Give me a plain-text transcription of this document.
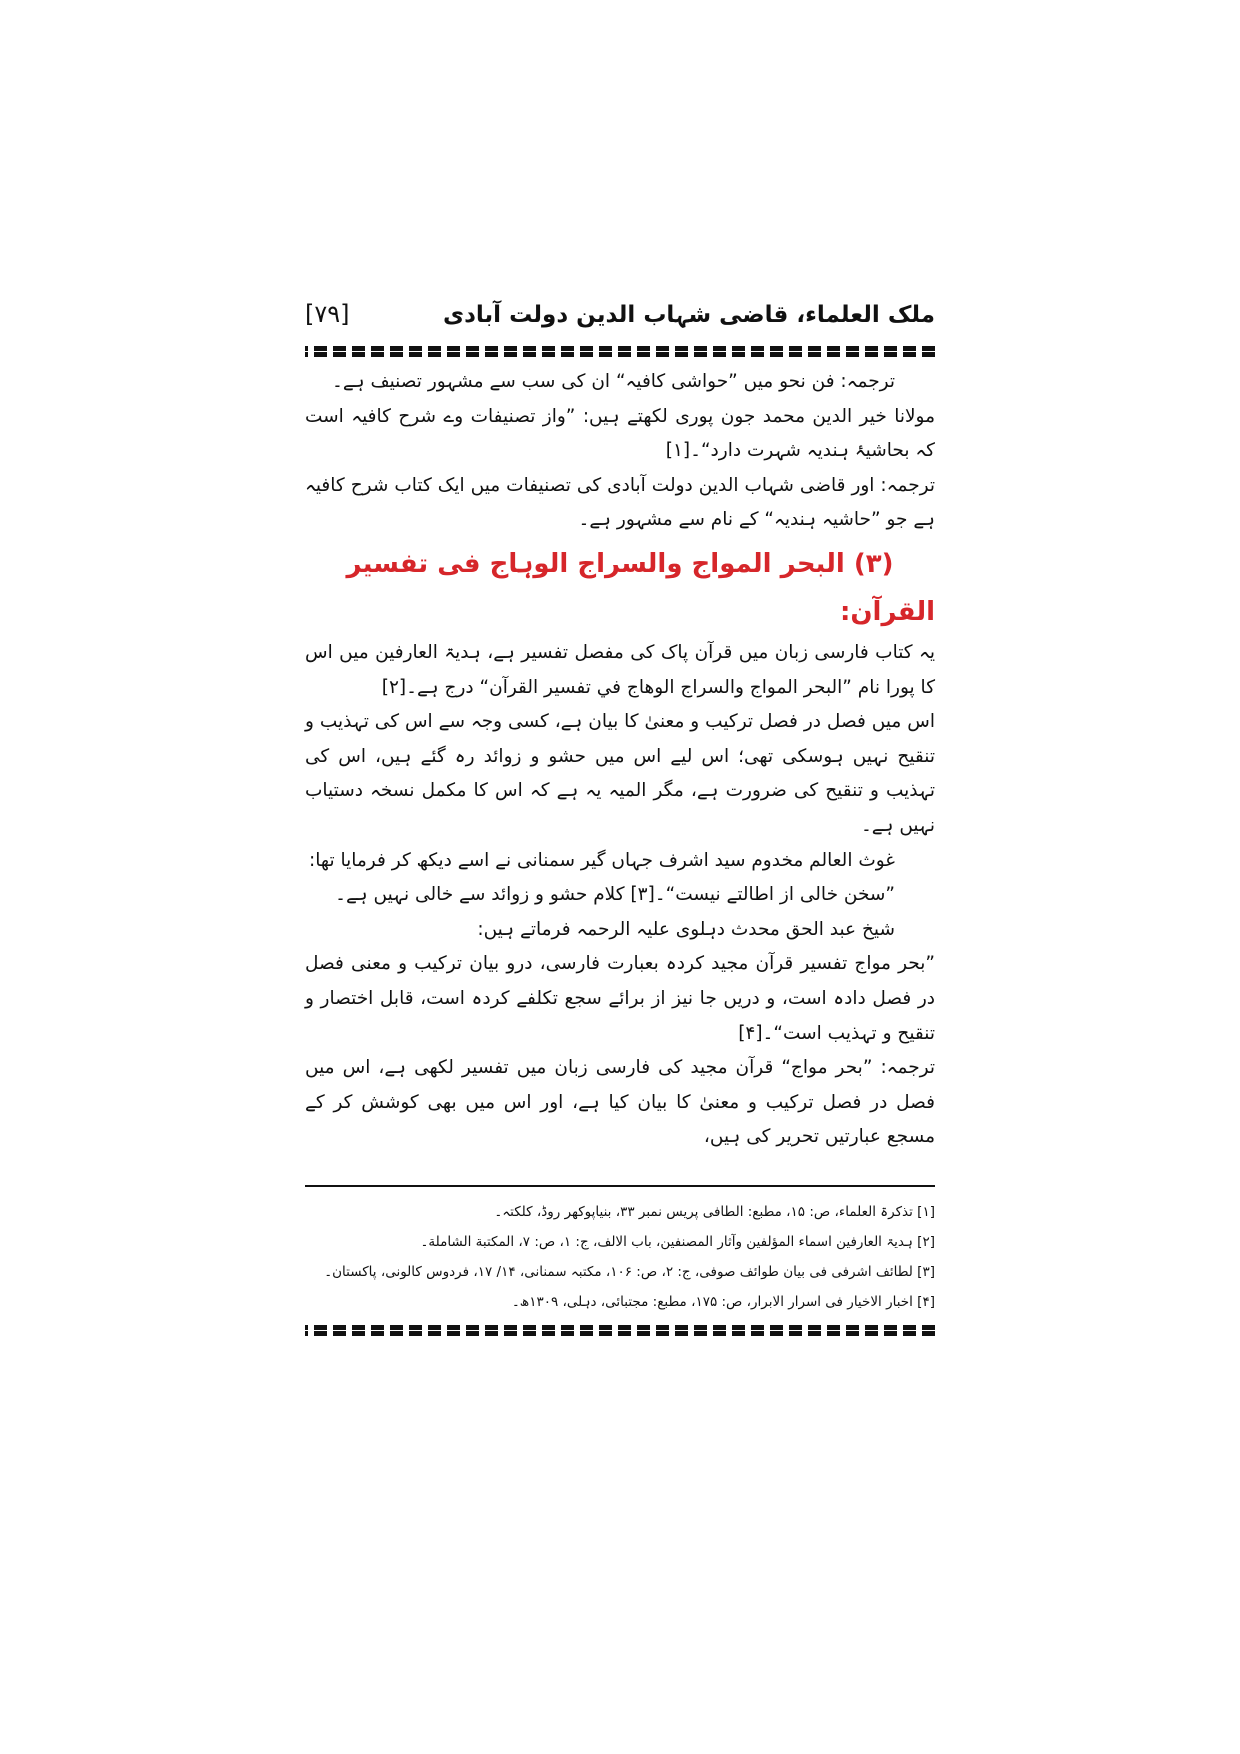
ملک العلماء، قاضی شہاب الدین دولت آبادی
[۷۹]

ترجمہ: فن نحو میں ”حواشی کافیہ“ ان کی سب سے مشہور تصنیف ہے۔

مولانا خیر الدین محمد جون پوری لکھتے ہیں: ”واز تصنیفات وے شرح کافیہ است کہ بحاشیۂ ہندیہ شہرت دارد“۔[۱]

ترجمہ: اور قاضی شہاب الدین دولت آبادی کی تصنیفات میں ایک کتاب شرح کافیہ ہے جو ”حاشیہ ہندیہ“ کے نام سے مشہور ہے۔

(۳) البحر المواج والسراج الوہاج فی تفسیر القرآن:

یہ کتاب فارسی زبان میں قرآن پاک کی مفصل تفسیر ہے، ہدیۃ العارفین میں اس کا پورا نام ”البحر المواج والسراج الوهاج في تفسير القرآن“ درج ہے۔[۲]

اس میں فصل در فصل ترکیب و معنیٰ کا بیان ہے، کسی وجہ سے اس کی تہذیب و تنقیح نہیں ہوسکی تھی؛ اس لیے اس میں حشو و زوائد رہ گئے ہیں، اس کی تہذیب و تنقیح کی ضرورت ہے، مگر المیہ یہ ہے کہ اس کا مکمل نسخہ دستیاب نہیں ہے۔

غوث العالم مخدوم سید اشرف جہاں گیر سمنانی نے اسے دیکھ کر فرمایا تھا:

”سخن خالی از اطالتے نیست“۔[۳] کلام حشو و زوائد سے خالی نہیں ہے۔

شیخ عبد الحق محدث دہلوی علیہ الرحمہ فرماتے ہیں:

”بحر مواج تفسیر قرآن مجید کردہ بعبارت فارسی، درو بیان ترکیب و معنی فصل در فصل دادہ است، و دریں جا نیز از برائے سجع تکلفے کردہ است، قابل اختصار و تنقیح و تہذیب است“۔[۴]

ترجمہ: ”بحر مواج“ قرآن مجید کی فارسی زبان میں تفسیر لکھی ہے، اس میں فصل در فصل ترکیب و معنیٰ کا بیان کیا ہے، اور اس میں بھی کوشش کر کے مسجع عبارتیں تحریر کی ہیں،

[۱] تذکرۃ العلماء، ص: ۱۵، مطبع: الطافی پریس نمبر ۳۳، بنیاپوکھر روڈ، کلکتہ۔

[۲] ہدیۃ العارفین اسماء المؤلفین وآثار المصنفین، باب الالف، ج: ۱، ص: ۷، المكتبة الشاملة۔

[۳] لطائف اشرفی فی بیان طوائف صوفی، ج: ۲، ص: ۱۰۶، مکتبہ سمنانی، ۱۴/ ۱۷، فردوس کالونی، پاکستان۔

[۴] اخبار الاخیار فی اسرار الابرار، ص: ۱۷۵، مطبع: مجتبائی، دہلی، ۱۳۰۹ھ۔
